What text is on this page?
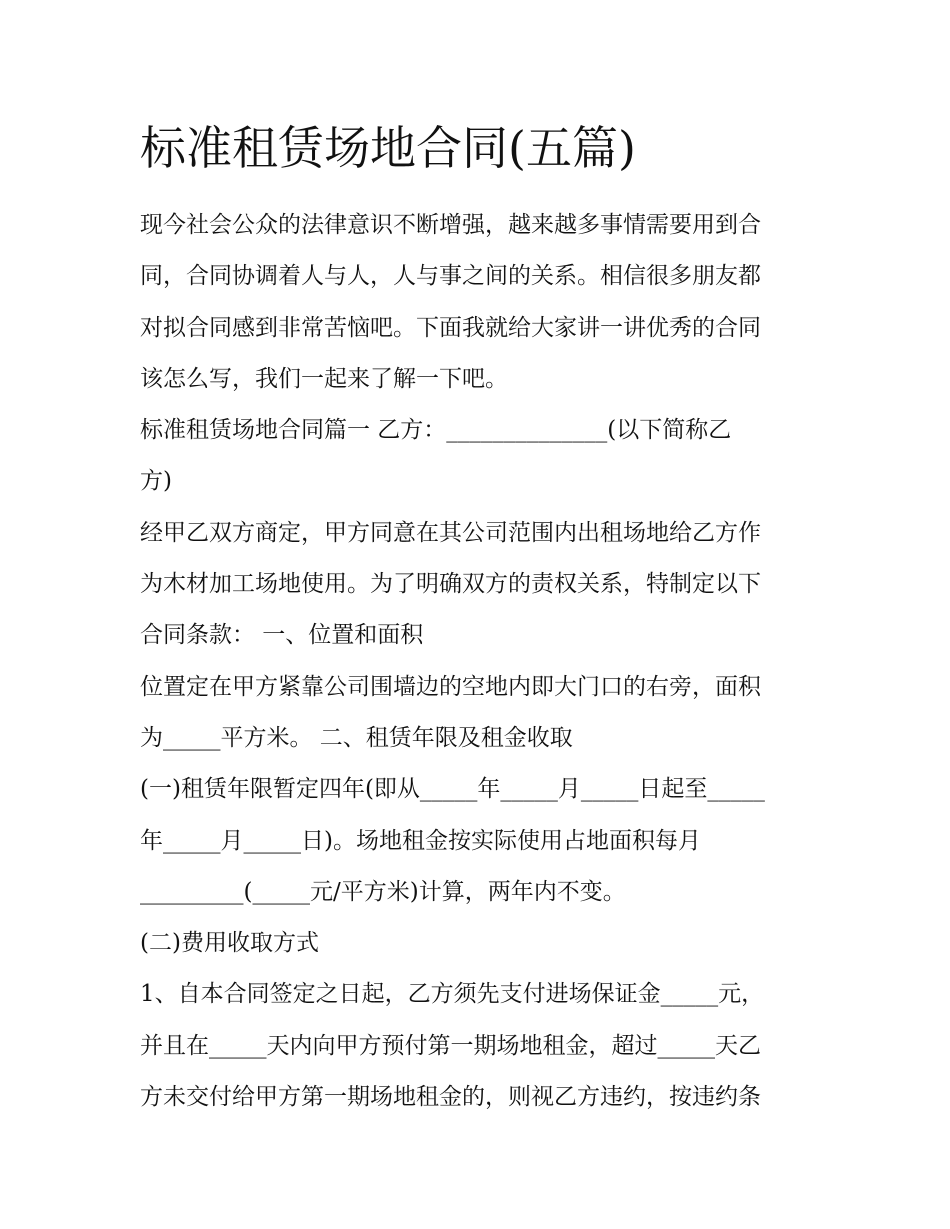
标准租赁场地合同(五篇)
现今社会公众的法律意识不断增强，越来越多事情需要用到合
同，合同协调着人与人，人与事之间的关系。相信很多朋友都
对拟合同感到非常苦恼吧。下面我就给大家讲一讲优秀的合同
该怎么写，我们一起来了解一下吧。
标准租赁场地合同篇一 乙方：______________(以下简称乙
方)
经甲乙双方商定，甲方同意在其公司范围内出租场地给乙方作
为木材加工场地使用。为了明确双方的责权关系，特制定以下
合同条款： 一、位置和面积
位置定在甲方紧靠公司围墙边的空地内即大门口的右旁，面积
为_____平方米。 二、租赁年限及租金收取
(一)租赁年限暂定四年(即从_____年_____月_____日起至_____
年_____月_____日)。场地租金按实际使用占地面积每月
_________(_____元/平方米)计算，两年内不变。
(二)费用收取方式
1、自本合同签定之日起，乙方须先支付进场保证金_____元，
并且在_____天内向甲方预付第一期场地租金，超过_____天乙
方未交付给甲方第一期场地租金的，则视乙方违约，按违约条
